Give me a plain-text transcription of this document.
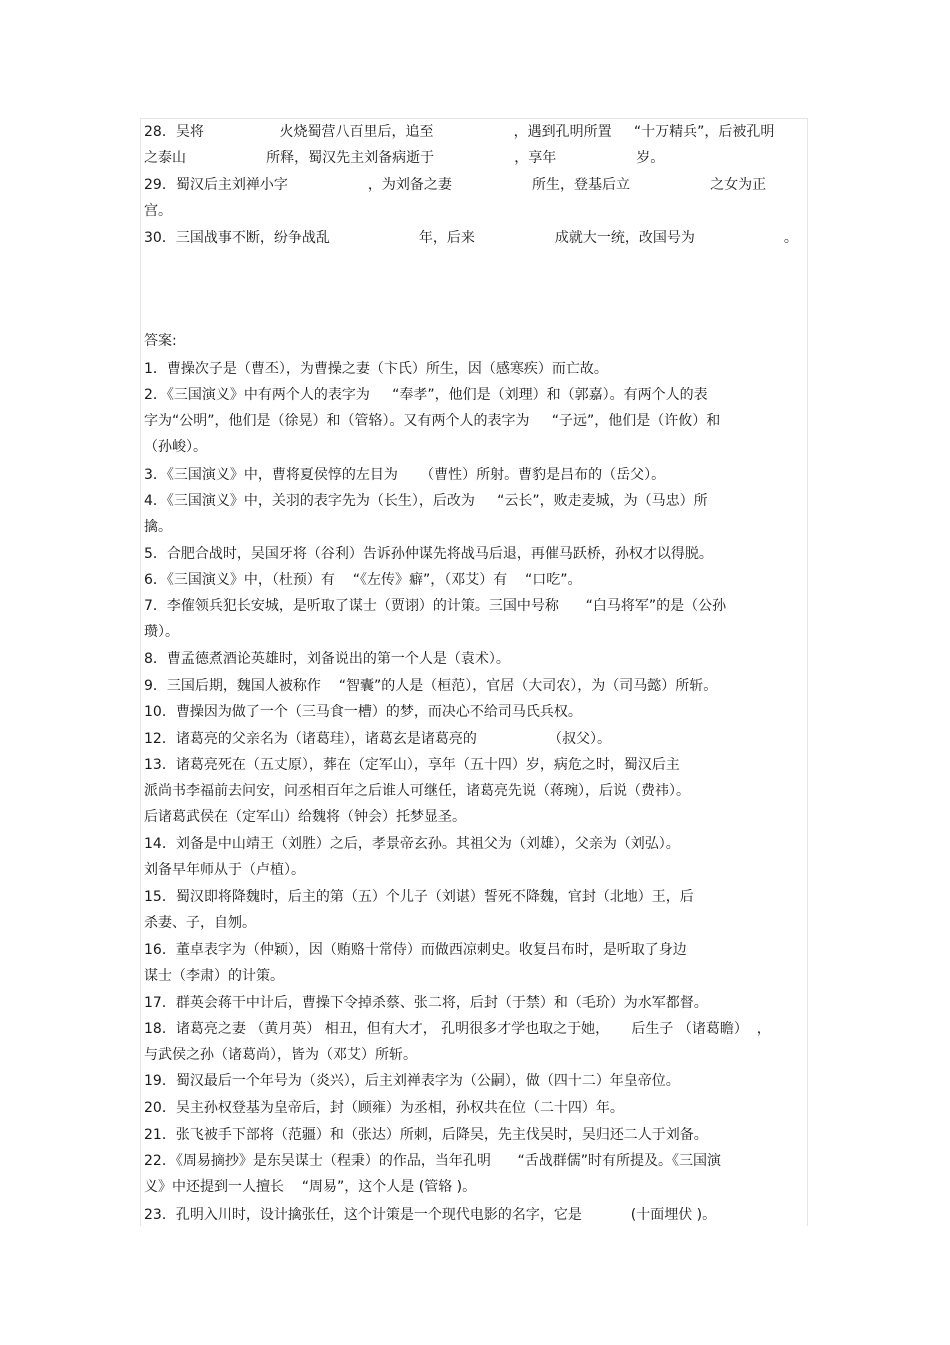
28．吴将                 火烧蜀营八百里后，追至                  ，遇到孔明所置     “十万精兵”，后被孔明
之泰山                  所释，蜀汉先主刘备病逝于                  ，享年                  岁。
29．蜀汉后主刘禅小字                  ，为刘备之妻                  所生，登基后立                  之女为正
宫。
30．三国战事不断，纷争战乱                    年，后来                  成就大一统，改国号为                    。
答案:
1．曹操次子是（曹丕），为曹操之妻（卞氏）所生，因（感寒疾）而亡故。
2．《三国演义》中有两个人的表字为     “奉孝”，他们是（刘理）和（郭嘉）。有两个人的表
字为“公明”，他们是（徐晃）和（管辂）。又有两个人的表字为     “子远”，他们是（许攸）和
（孙峻）。
3．《三国演义》中，曹将夏侯惇的左目为     （曹性）所射。曹豹是吕布的（岳父）。
4．《三国演义》中，关羽的表字先为（长生），后改为     “云长”，败走麦城，为（马忠）所
擒。
5．合肥合战时，吴国牙将（谷利）告诉孙仲谋先将战马后退，再催马跃桥，孙权才以得脱。
6．《三国演义》中，（杜预）有    “《左传》癖”，（邓艾）有    “口吃”。
7．李傕领兵犯长安城，是听取了谋士（贾诩）的计策。三国中号称      “白马将军”的是（公孙
瓒）。
8．曹孟德煮酒论英雄时，刘备说出的第一个人是（袁术）。
9．三国后期，魏国人被称作    “智囊”的人是（桓范），官居（大司农），为（司马懿）所斩。
10．曹操因为做了一个（三马食一槽）的梦，而决心不给司马氏兵权。
12．诸葛亮的父亲名为（诸葛珪），诸葛玄是诸葛亮的                （叔父）。
13．诸葛亮死在（五丈原），葬在（定军山），享年（五十四）岁，病危之时，蜀汉后主
派尚书李福前去问安，问丞相百年之后谁人可继任，诸葛亮先说（蒋琬），后说（费祎）。
后诸葛武侯在（定军山）给魏将（钟会）托梦显圣。
14．刘备是中山靖王（刘胜）之后，孝景帝玄孙。其祖父为（刘雄），父亲为（刘弘）。
刘备早年师从于（卢植）。
15．蜀汉即将降魏时，后主的第（五）个儿子（刘谌）誓死不降魏，官封（北地）王，后
杀妻、子，自刎。
16．董卓表字为（仲颖），因（贿赂十常侍）而做西凉刺史。收复吕布时，是听取了身边
谋士（李肃）的计策。
17．群英会蒋干中计后，曹操下令掉杀蔡、张二将，后封（于禁）和（毛玠）为水军都督。
18．诸葛亮之妻 （黄月英） 相丑，但有大才， 孔明很多才学也取之于她，     后生子 （诸葛瞻）  ，
与武侯之孙（诸葛尚），皆为（邓艾）所斩。
19．蜀汉最后一个年号为（炎兴），后主刘禅表字为（公嗣），做（四十二）年皇帝位。
20．吴主孙权登基为皇帝后，封（顾雍）为丞相，孙权共在位（二十四）年。
21．张飞被手下部将（范疆）和（张达）所刺，后降吴，先主伐吴时，吴归还二人于刘备。
22．《周易摘抄》是东吴谋士（程秉）的作品，当年孔明      “舌战群儒”时有所提及。《三国演
义》中还提到一人擅长    “周易”，这个人是 (管辂 )。
23．孔明入川时，设计擒张任，这个计策是一个现代电影的名字，它是           (十面埋伏 )。
